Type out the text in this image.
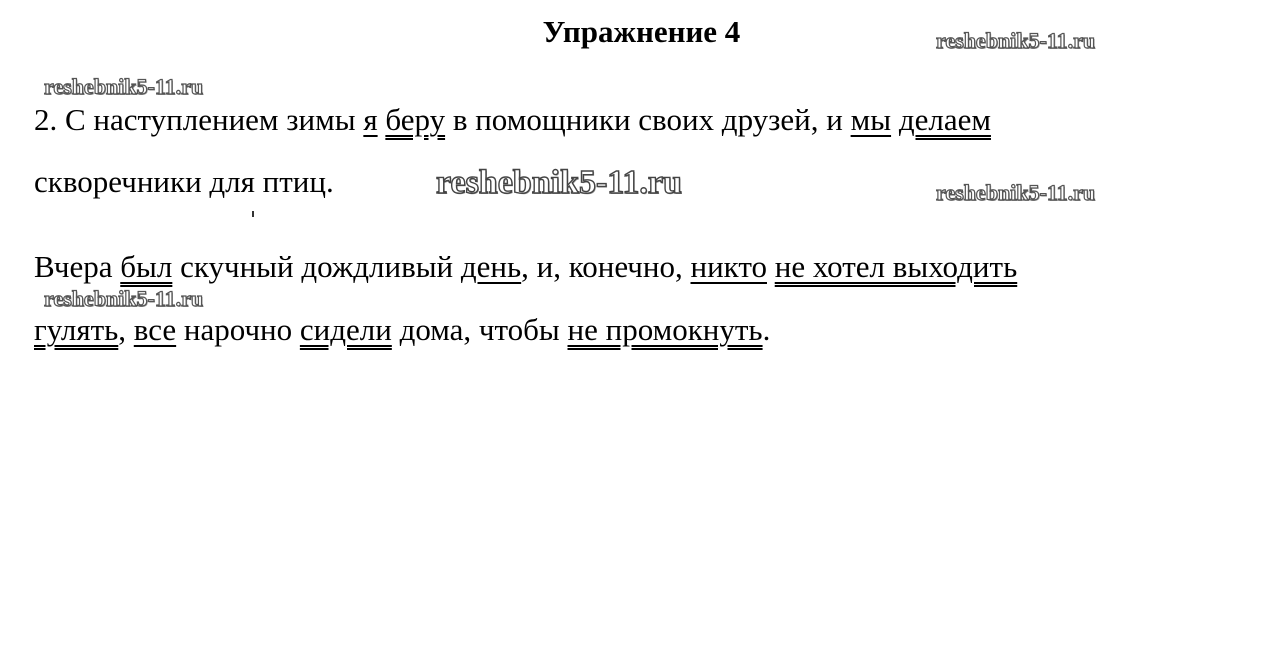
Упражнение 4	reshebnik5-11.ru
reshebnik5-11.ru
2. С наступлением зимы я беру в помощники своих друзей, и мы делаем
скворечники для птиц.	reshebnik5-11.ru	reshebnik5-11.ru
Вчера был скучный дождливый день, и, конечно, никто не хотел выходить
reshebnik5-11.ru
гулять, все нарочно сидели дома, чтобы не промокнуть.
